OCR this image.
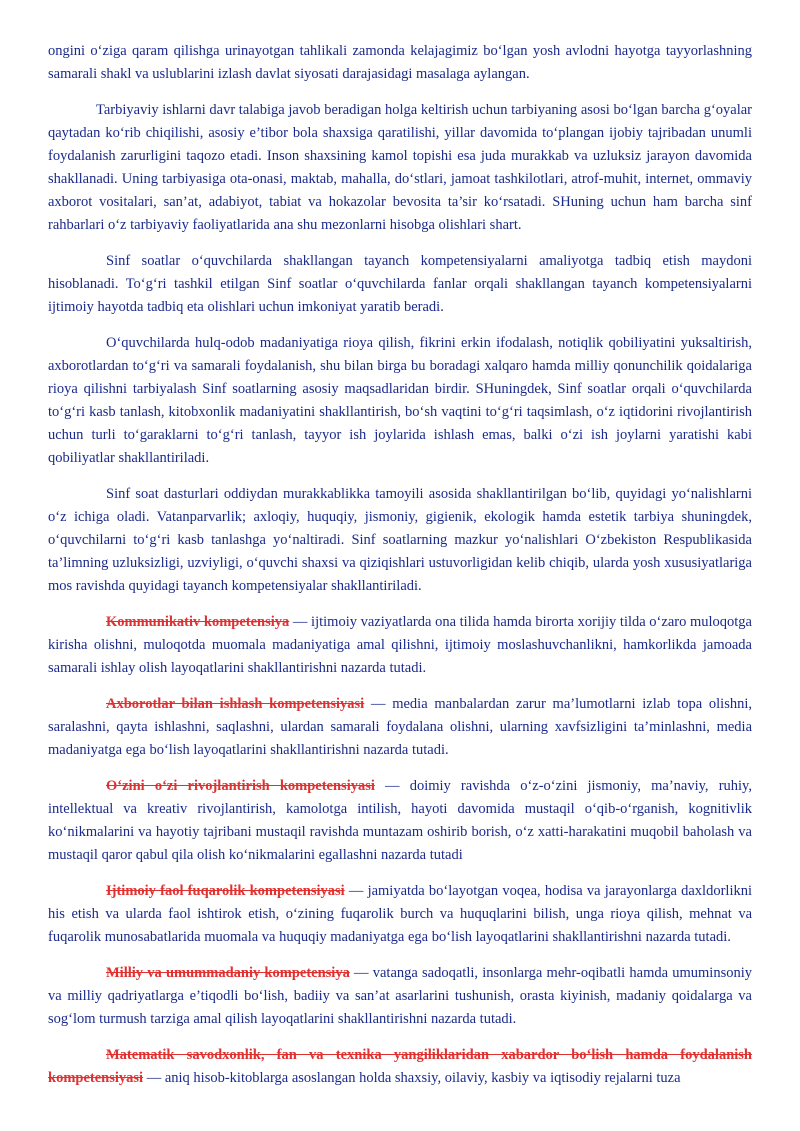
ongini o‘ziga qaram qilishga urinayotgan tahlikali zamonda kelajagimiz bo‘lgan yosh avlodni hayotga tayyorlashning samarali shakl va uslublarini izlash davlat siyosati darajasidagi masalaga aylangan.

Tarbiyaviy ishlarni davr talabiga javob beradigan holga keltirish uchun tarbiyaning asosi bo‘lgan barcha g‘oyalar qaytadan ko‘rib chiqilishi, asosiy e’tibor bola shaxsiga qaratilishi, yillar davomida to‘plangan ijobiy tajribadan unumli foydalanish zarurligini taqozo etadi. Inson shaxsining kamol topishi esa juda murakkab va uzluksiz jarayon davomida shakllanadi. Uning tarbiyasiga ota-onasi, maktab, mahalla, do‘stlari, jamoat tashkilotlari, atrof-muhit, internet, ommaviy axborot vositalari, san’at, adabiyot, tabiat va hokazolar bevosita ta’sir ko‘rsatadi. SHuning uchun ham barcha sinf rahbarlari o‘z tarbiyaviy faoliyatlarida ana shu mezonlarni hisobga olishlari shart.

Sinf soatlar o‘quvchilarda shakllangan tayanch kompetensiyalarni amaliyotga tadbiq etish maydoni hisoblanadi. To‘g‘ri tashkil etilgan Sinf soatlar o‘quvchilarda fanlar orqali shakllangan tayanch kompetensiyalarni ijtimoiy hayotda tadbiq eta olishlari uchun imkoniyat yaratib beradi.

O‘quvchilarda hulq-odob madaniyatiga rioya qilish, fikrini erkin ifodalash, notiqlik qobiliyatini yuksaltirish, axborotlardan to‘g‘ri va samarali foydalanish, shu bilan birga bu boradagi xalqaro hamda milliy qonunchilik qoidalariga rioya qilishni tarbiyalash Sinf soatlarning asosiy maqsadlaridan birdir. SHuningdek, Sinf soatlar orqali o‘quvchilarda to‘g‘ri kasb tanlash, kitobxonlik madaniyatini shakllantirish, bo‘sh vaqtini to‘g‘ri taqsimlash, o‘z iqtidorini rivojlantirish uchun turli to‘garaklarni to‘g‘ri tanlash, tayyor ish joylarida ishlash emas, balki o‘zi ish joylarni yaratishi kabi qobiliyatlar shakllantiriladi.

Sinf soat dasturlari oddiydan murakkablikka tamoyili asosida shakllantirilgan bo‘lib, quyidagi yo‘nalishlarni o‘z ichiga oladi. Vatanparvarlik; axloqiy, huquqiy, jismoniy, gigienik, ekologik hamda estetik tarbiya shuningdek, o‘quvchilarni to‘g‘ri kasb tanlashga yo‘naltiradi. Sinf soatlarning mazkur yo‘nalishlari O‘zbekiston Respublikasida ta’limning uzluksizligi, uzviyligi, o‘quvchi shaxsi va qiziqishlari ustuvorligidan kelib chiqib, ularda yosh xususiyatlariga mos ravishda quyidagi tayanch kompetensiyalar shakllantiriladi.

Kommunikativ kompetensiya — ijtimoiy vaziyatlarda ona tilida hamda birorta xorijiy tilda o‘zaro muloqotga kirisha olishni, muloqotda muomala madaniyatiga amal qilishni, ijtimoiy moslashuvchanlikni, hamkorlikda jamoada samarali ishlay olish layoqatlarini shakllantirishni nazarda tutadi.

Axborotlar bilan ishlash kompetensiyasi — media manbalardan zarur ma’lumotlarni izlab topa olishni, saralashni, qayta ishlashni, saqlashni, ulardan samarali foydalana olishni, ularning xavfsizligini ta’minlashni, media madaniyatga ega bo‘lish layoqatlarini shakllantirishni nazarda tutadi.

O‘zini o‘zi rivojlantirish kompetensiyasi — doimiy ravishda o‘z-o‘zini jismoniy, ma’naviy, ruhiy, intellektual va kreativ rivojlantirish, kamolotga intilish, hayoti davomida mustaqil o‘qib-o‘rganish, kognitivlik ko‘nikmalarini va hayotiy tajribani mustaqil ravishda muntazam oshirib borish, o‘z xatti-harakatini muqobil baholash va mustaqil qaror qabul qila olish ko‘nikmalarini egallashni nazarda tutadi

Ijtimoiy faol fuqarolik kompetensiyasi — jamiyatda bo‘layotgan voqea, hodisa va jarayonlarga daxldorlikni his etish va ularda faol ishtirok etish, o‘zining fuqarolik burch va huquqlarini bilish, unga rioya qilish, mehnat va fuqarolik munosabatlarida muomala va huquqiy madaniyatga ega bo‘lish layoqatlarini shakllantirishni nazarda tutadi.

Milliy va umummadaniy kompetensiya — vatanga sadoqatli, insonlarga mehr-oqibatli hamda umuminsoniy va milliy qadriyatlarga e’tiqodli bo‘lish, badiiy va san’at asarlarini tushunish, orasta kiyinish, madaniy qoidalarga va sog‘lom turmush tarziga amal qilish layoqatlarini shakllantirishni nazarda tutadi.

Matematik savodxonlik, fan va texnika yangiliklaridan xabardor bo‘lish hamda foydalanish kompetensiyasi — aniq hisob-kitoblarga asoslangan holda shaxsiy, oilaviy, kasbiy va iqtisodiy rejalarni tuza
